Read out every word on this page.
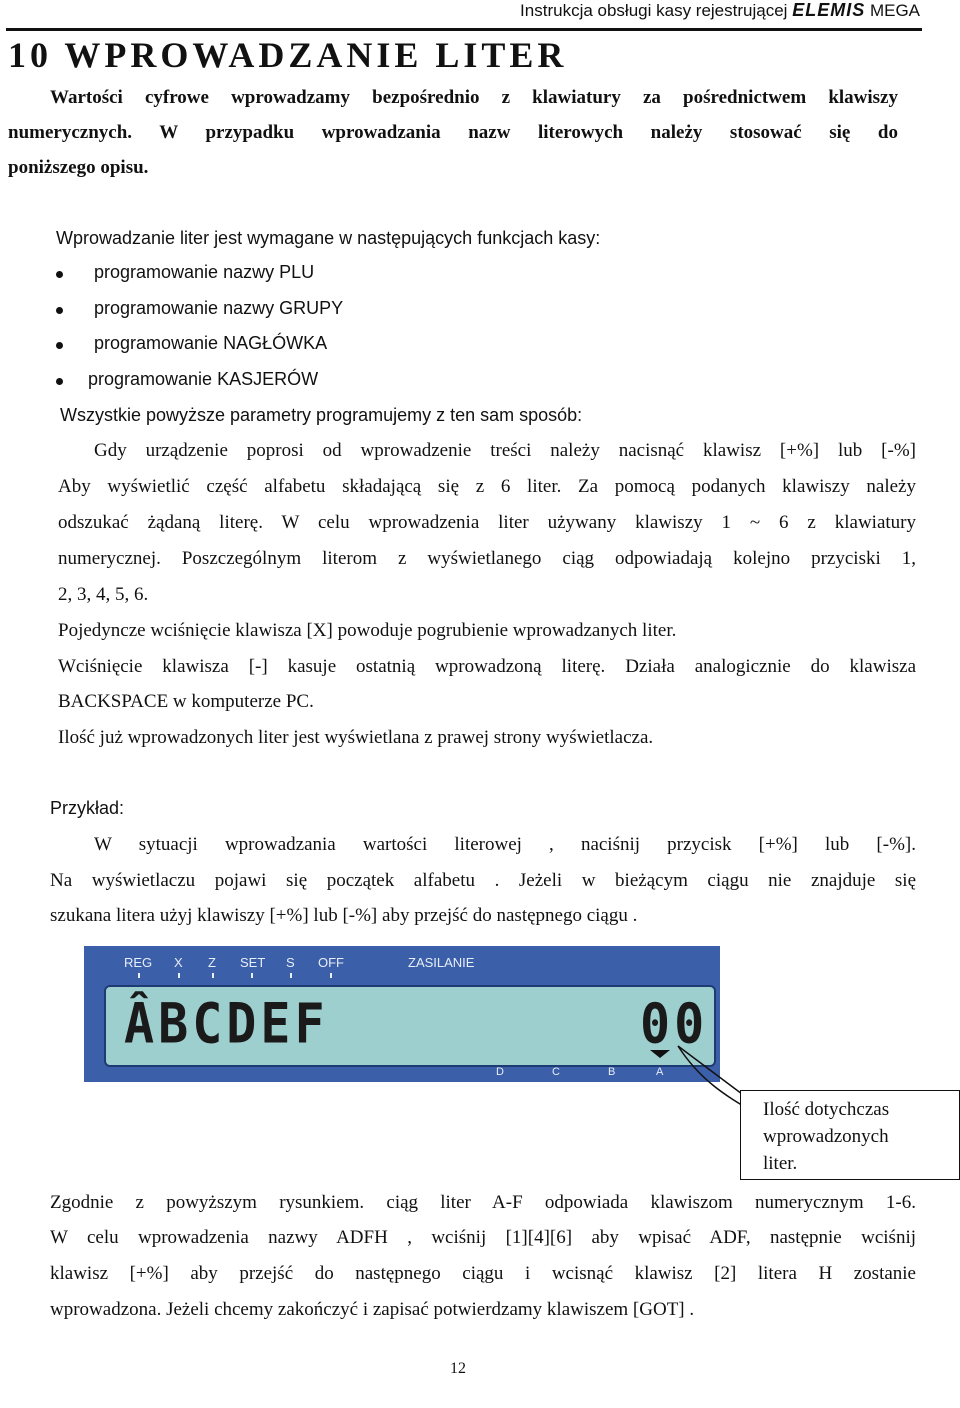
Instrukcja obsługi kasy rejestrującej ELEMIS MEGA
10 WPROWADZANIE LITER
Wartości cyfrowe wprowadzamy bezpośrednio z klawiatury za pośrednictwem klawiszy
numerycznych. W przypadku wprowadzania nazw literowych należy stosować się do
poniższego opisu.
Wprowadzanie liter jest wymagane w następujących funkcjach kasy:
programowanie nazwy PLU
programowanie nazwy GRUPY
programowanie NAGŁÓWKA
programowanie KASJERÓW
Wszystkie powyższe parametry programujemy z ten sam sposób:
Gdy urządzenie poprosi od wprowadzenie treści należy nacisnąć klawisz [+%] lub [-%]
Aby wyświetlić część alfabetu składającą się z 6 liter. Za pomocą podanych klawiszy należy
odszukać żądaną literę. W celu wprowadzenia liter używany klawiszy 1 ~ 6 z klawiatury
numerycznej. Poszczególnym literom z wyświetlanego ciąg odpowiadają kolejno przyciski 1,
2, 3, 4, 5, 6.
Pojedyncze wciśnięcie klawisza [X] powoduje pogrubienie wprowadzanych liter.
Wciśnięcie klawisza [-] kasuje ostatnią wprowadzoną literę. Działa analogicznie do klawisza
BACKSPACE w komputerze PC.
Ilość już wprowadzonych liter jest wyświetlana z prawej strony wyświetlacza.
Przykład:
W sytuacji wprowadzania wartości literowej , naciśnij przycisk [+%] lub [-%].
Na wyświetlaczu pojawi się początek alfabetu . Jeżeli w bieżącym ciągu nie znajduje się
szukana litera użyj klawiszy [+%] lub [-%] aby przejść do następnego ciągu .
REG X Z SET S OFF	ZASILANIE
ÂBCDEF	00
D	C	B	A
Ilość dotychczas
wprowadzonych
liter.
Zgodnie z powyższym rysunkiem. ciąg liter A-F odpowiada klawiszom numerycznym 1-6.
W celu wprowadzenia nazwy ADFH , wciśnij [1][4][6] aby wpisać ADF, następnie wciśnij
klawisz [+%] aby przejść do następnego ciągu i wcisnąć klawisz [2] litera H zostanie
wprowadzona. Jeżeli chcemy zakończyć i zapisać potwierdzamy klawiszem [GOT] .
12
